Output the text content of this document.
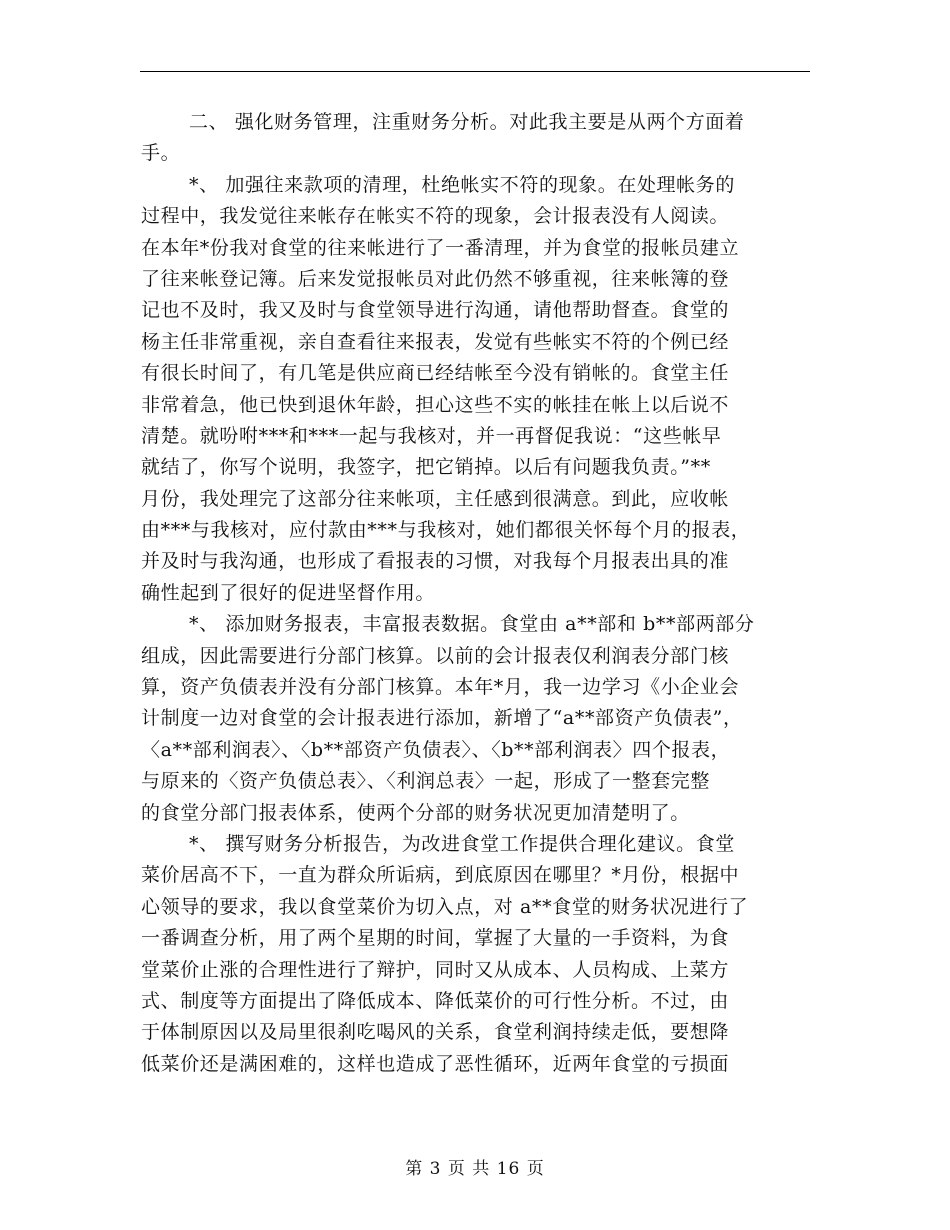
二、 强化财务管理，注重财务分析。对此我主要是从两个方面着
手。
*、 加强往来款项的清理，杜绝帐实不符的现象。在处理帐务的
过程中，我发觉往来帐存在帐实不符的现象，会计报表没有人阅读。
在本年*份我对食堂的往来帐进行了一番清理，并为食堂的报帐员建立
了往来帐登记簿。后来发觉报帐员对此仍然不够重视，往来帐簿的登
记也不及时，我又及时与食堂领导进行沟通，请他帮助督查。食堂的
杨主任非常重视，亲自查看往来报表，发觉有些帐实不符的个例已经
有很长时间了，有几笔是供应商已经结帐至今没有销帐的。食堂主任
非常着急，他已快到退休年龄，担心这些不实的帐挂在帐上以后说不
清楚。就吩咐***和***一起与我核对，并一再督促我说：“这些帐早
就结了，你写个说明，我签字，把它销掉。以后有问题我负责。”**
月份，我处理完了这部分往来帐项，主任感到很满意。到此，应收帐
由***与我核对，应付款由***与我核对，她们都很关怀每个月的报表，
并及时与我沟通，也形成了看报表的习惯，对我每个月报表出具的准
确性起到了很好的促进坚督作用。
*、 添加财务报表，丰富报表数据。食堂由 a**部和 b**部两部分
组成，因此需要进行分部门核算。以前的会计报表仅利润表分部门核
算，资产负债表并没有分部门核算。本年*月，我一边学习《小企业会
计制度一边对食堂的会计报表进行添加，新增了“a**部资产负债表”，
〈a**部利润表〉、〈b**部资产负债表〉、〈b**部利润表〉四个报表，
与原来的〈资产负债总表〉、〈利润总表〉一起，形成了一整套完整
的食堂分部门报表体系，使两个分部的财务状况更加清楚明了。
*、 撰写财务分析报告，为改进食堂工作提供合理化建议。食堂
菜价居高不下，一直为群众所诟病，到底原因在哪里？*月份，根据中
心领导的要求，我以食堂菜价为切入点，对 a**食堂的财务状况进行了
一番调查分析，用了两个星期的时间，掌握了大量的一手资料，为食
堂菜价止涨的合理性进行了辩护，同时又从成本、人员构成、上菜方
式、制度等方面提出了降低成本、降低菜价的可行性分析。不过，由
于体制原因以及局里很刹吃喝风的关系，食堂利润持续走低，要想降
低菜价还是满困难的，这样也造成了恶性循环，近两年食堂的亏损面
第 3 页 共 16 页
